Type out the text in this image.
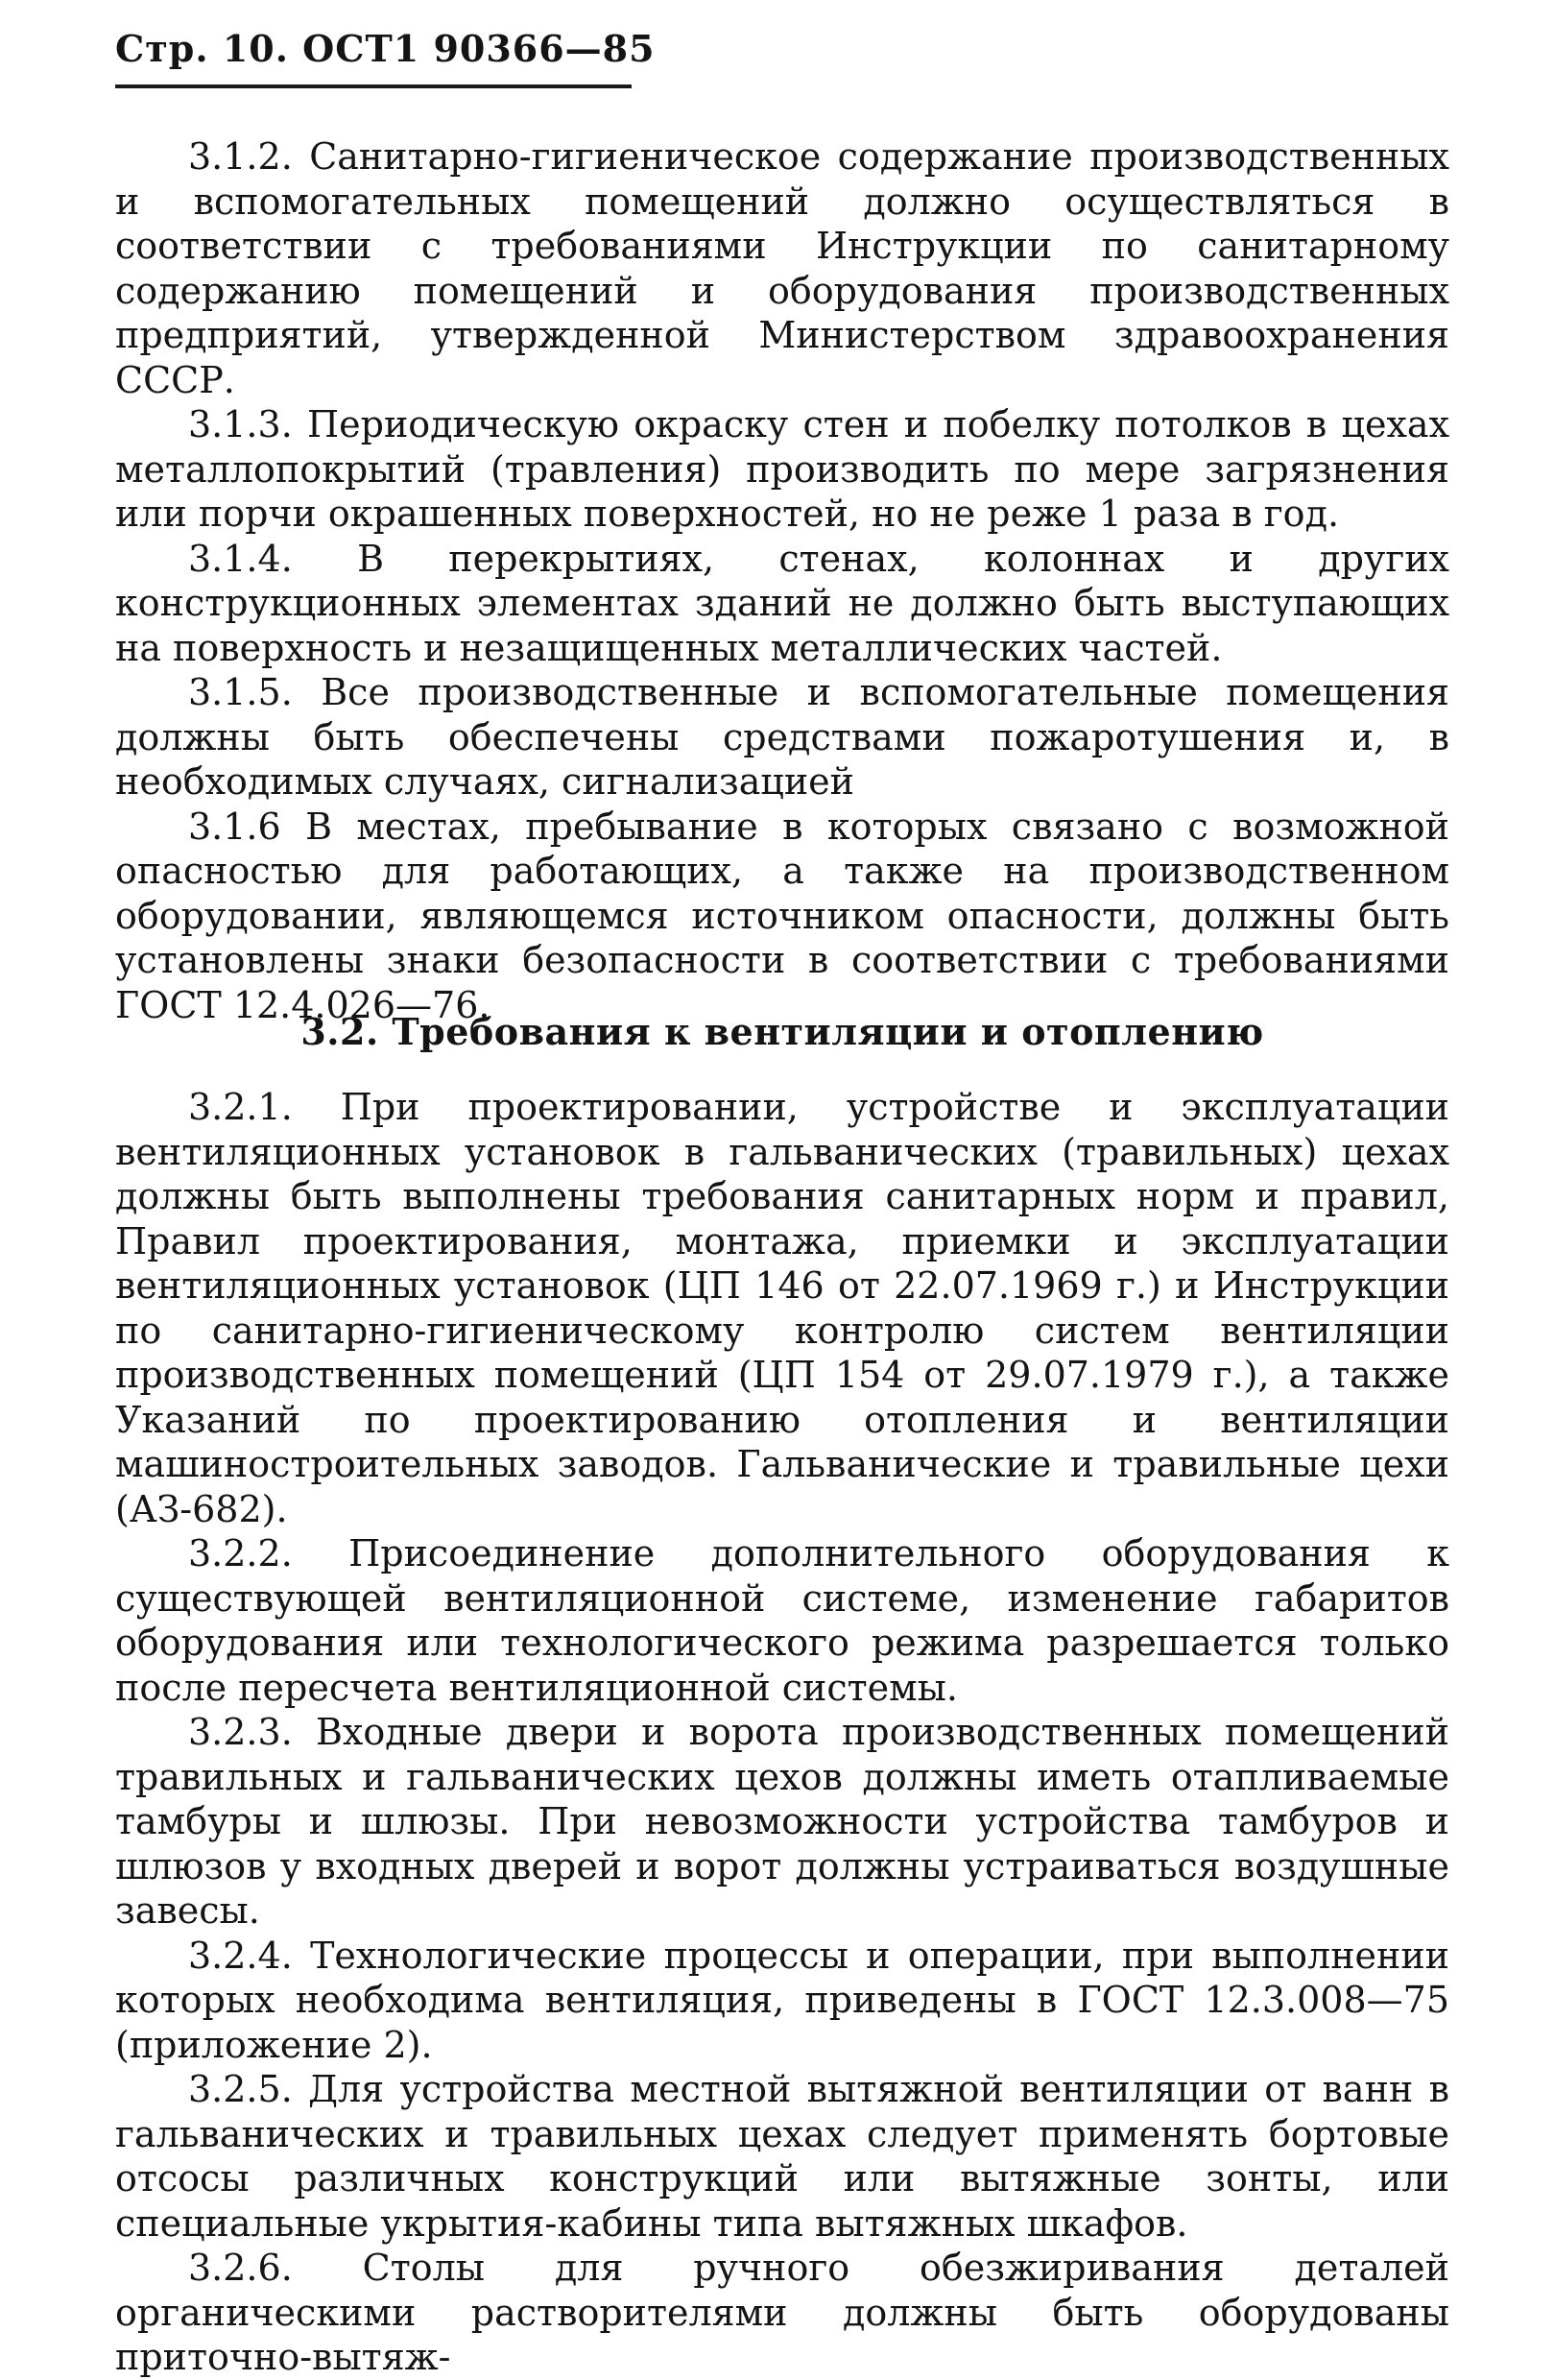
Стр. 10. ОСТ1 90366—85

3.1.2. Санитарно-гигиеническое содержание производственных и вспомогательных помещений должно осуществляться в соответствии с требованиями Инструкции по санитарному содержанию помещений и оборудования производственных предприятий, утвержденной Министерством здравоохранения СССР.

3.1.3. Периодическую окраску стен и побелку потолков в цехах металлопокрытий (травления) производить по мере загрязнения или порчи окрашенных поверхностей, но не реже 1 раза в год.

3.1.4. В перекрытиях, стенах, колоннах и других конструкционных элементах зданий не должно быть выступающих на поверхность и незащищенных металлических частей.

3.1.5. Все производственные и вспомогательные помещения должны быть обеспечены средствами пожаротушения и, в необходимых случаях, сигнализацией

3.1.6 В местах, пребывание в которых связано с возможной опасностью для работающих, а также на производственном оборудовании, являющемся источником опасности, должны быть установлены знаки безопасности в соответствии с требованиями ГОСТ 12.4.026—76.

3.2. Требования к вентиляции и отоплению

3.2.1. При проектировании, устройстве и эксплуатации вентиляционных установок в гальванических (травильных) цехах должны быть выполнены требования санитарных норм и правил, Правил проектирования, монтажа, приемки и эксплуатации вентиляционных установок (ЦП 146 от 22.07.1969 г.) и Инструкции по санитарно-гигиеническому контролю систем вентиляции производственных помещений (ЦП 154 от 29.07.1979 г.), а также Указаний по проектированию отопления и вентиляции машиностроительных заводов. Гальванические и травильные цехи (АЗ-682).

3.2.2. Присоединение дополнительного оборудования к существующей вентиляционной системе, изменение габаритов оборудования или технологического режима разрешается только после пересчета вентиляционной системы.

3.2.3. Входные двери и ворота производственных помещений травильных и гальванических цехов должны иметь отапливаемые тамбуры и шлюзы. При невозможности устройства тамбуров и шлюзов у входных дверей и ворот должны устраиваться воздушные завесы.

3.2.4. Технологические процессы и операции, при выполнении которых необходима вентиляция, приведены в ГОСТ 12.3.008—75 (приложение 2).

3.2.5. Для устройства местной вытяжной вентиляции от ванн в гальванических и травильных цехах следует применять бортовые отсосы различных конструкций или вытяжные зонты, или специальные укрытия-кабины типа вытяжных шкафов.

3.2.6. Столы для ручного обезжиривания деталей органическими растворителями должны быть оборудованы приточно-вытяж-
